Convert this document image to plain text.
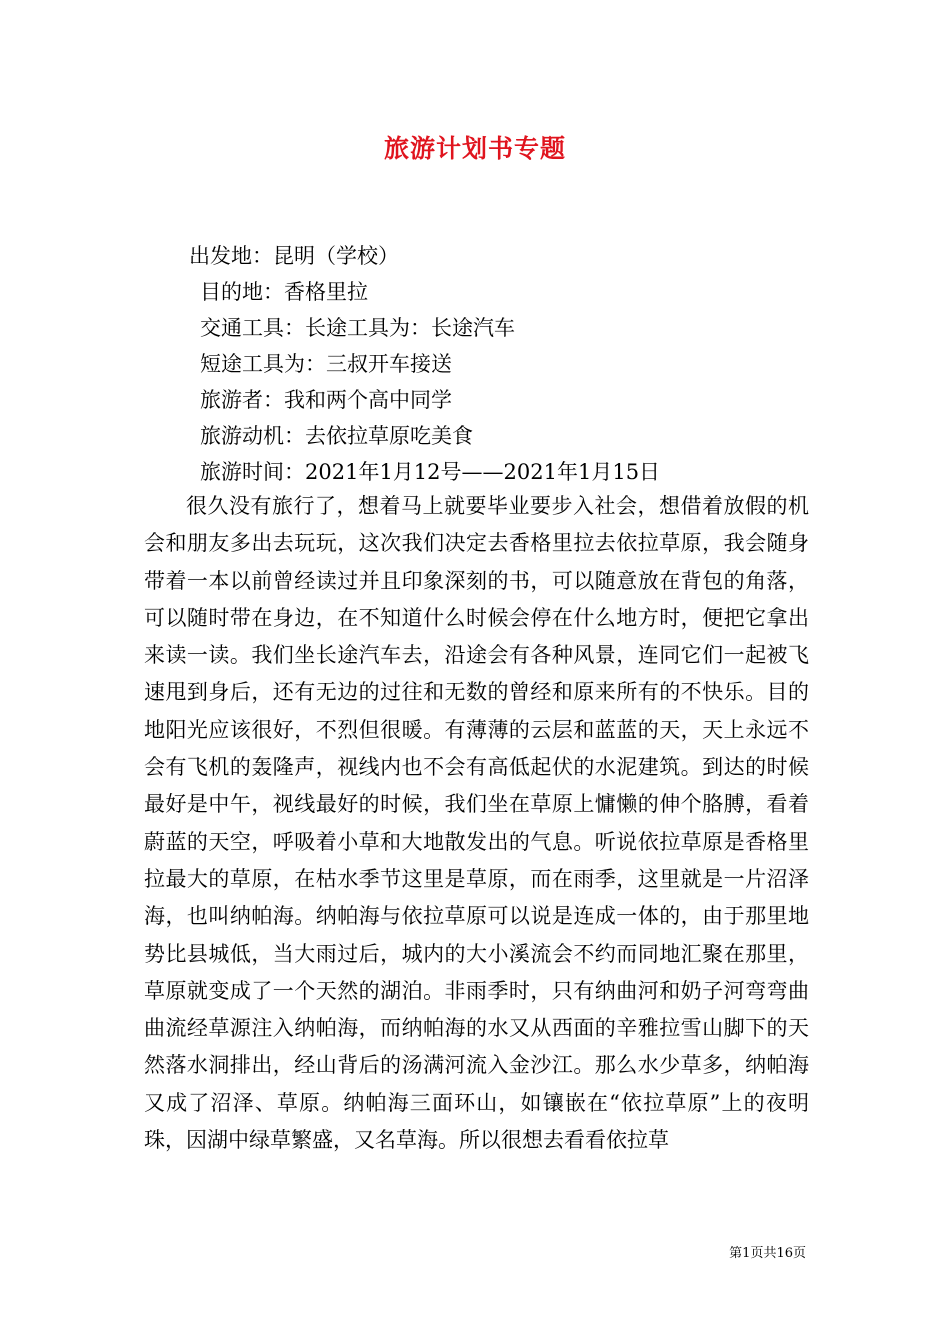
旅游计划书专题
出发地：昆明（学校）
目的地：香格里拉
交通工具：长途工具为：长途汽车
短途工具为：三叔开车接送
旅游者：我和两个高中同学
旅游动机：去依拉草原吃美食
旅游时间：2021年1月12号——2021年1月15日

很久没有旅行了，想着马上就要毕业要步入社会，想借着放假的机会和朋友多出去玩玩，这次我们决定去香格里拉去依拉草原，我会随身带着一本以前曾经读过并且印象深刻的书，可以随意放在背包的角落，可以随时带在身边，在不知道什么时候会停在什么地方时，便把它拿出来读一读。我们坐长途汽车去，沿途会有各种风景，连同它们一起被飞速甩到身后，还有无边的过往和无数的曾经和原来所有的不快乐。目的地阳光应该很好，不烈但很暖。有薄薄的云层和蓝蓝的天，天上永远不会有飞机的轰隆声，视线内也不会有高低起伏的水泥建筑。到达的时候最好是中午，视线最好的时候，我们坐在草原上慵懒的伸个胳膊，看着蔚蓝的天空，呼吸着小草和大地散发出的气息。听说依拉草原是香格里拉最大的草原，在枯水季节这里是草原，而在雨季，这里就是一片沼泽海，也叫纳帕海。纳帕海与依拉草原可以说是连成一体的，由于那里地势比县城低，当大雨过后，城内的大小溪流会不约而同地汇聚在那里，草原就变成了一个天然的湖泊。非雨季时，只有纳曲河和奶子河弯弯曲曲流经草源注入纳帕海，而纳帕海的水又从西面的辛雅拉雪山脚下的天然落水洞排出，经山背后的汤满河流入金沙江。那么水少草多，纳帕海又成了沼泽、草原。纳帕海三面环山，如镶嵌在“依拉草原”上的夜明珠，因湖中绿草繁盛，又名草海。所以很想去看看依拉草

第1页共16页
